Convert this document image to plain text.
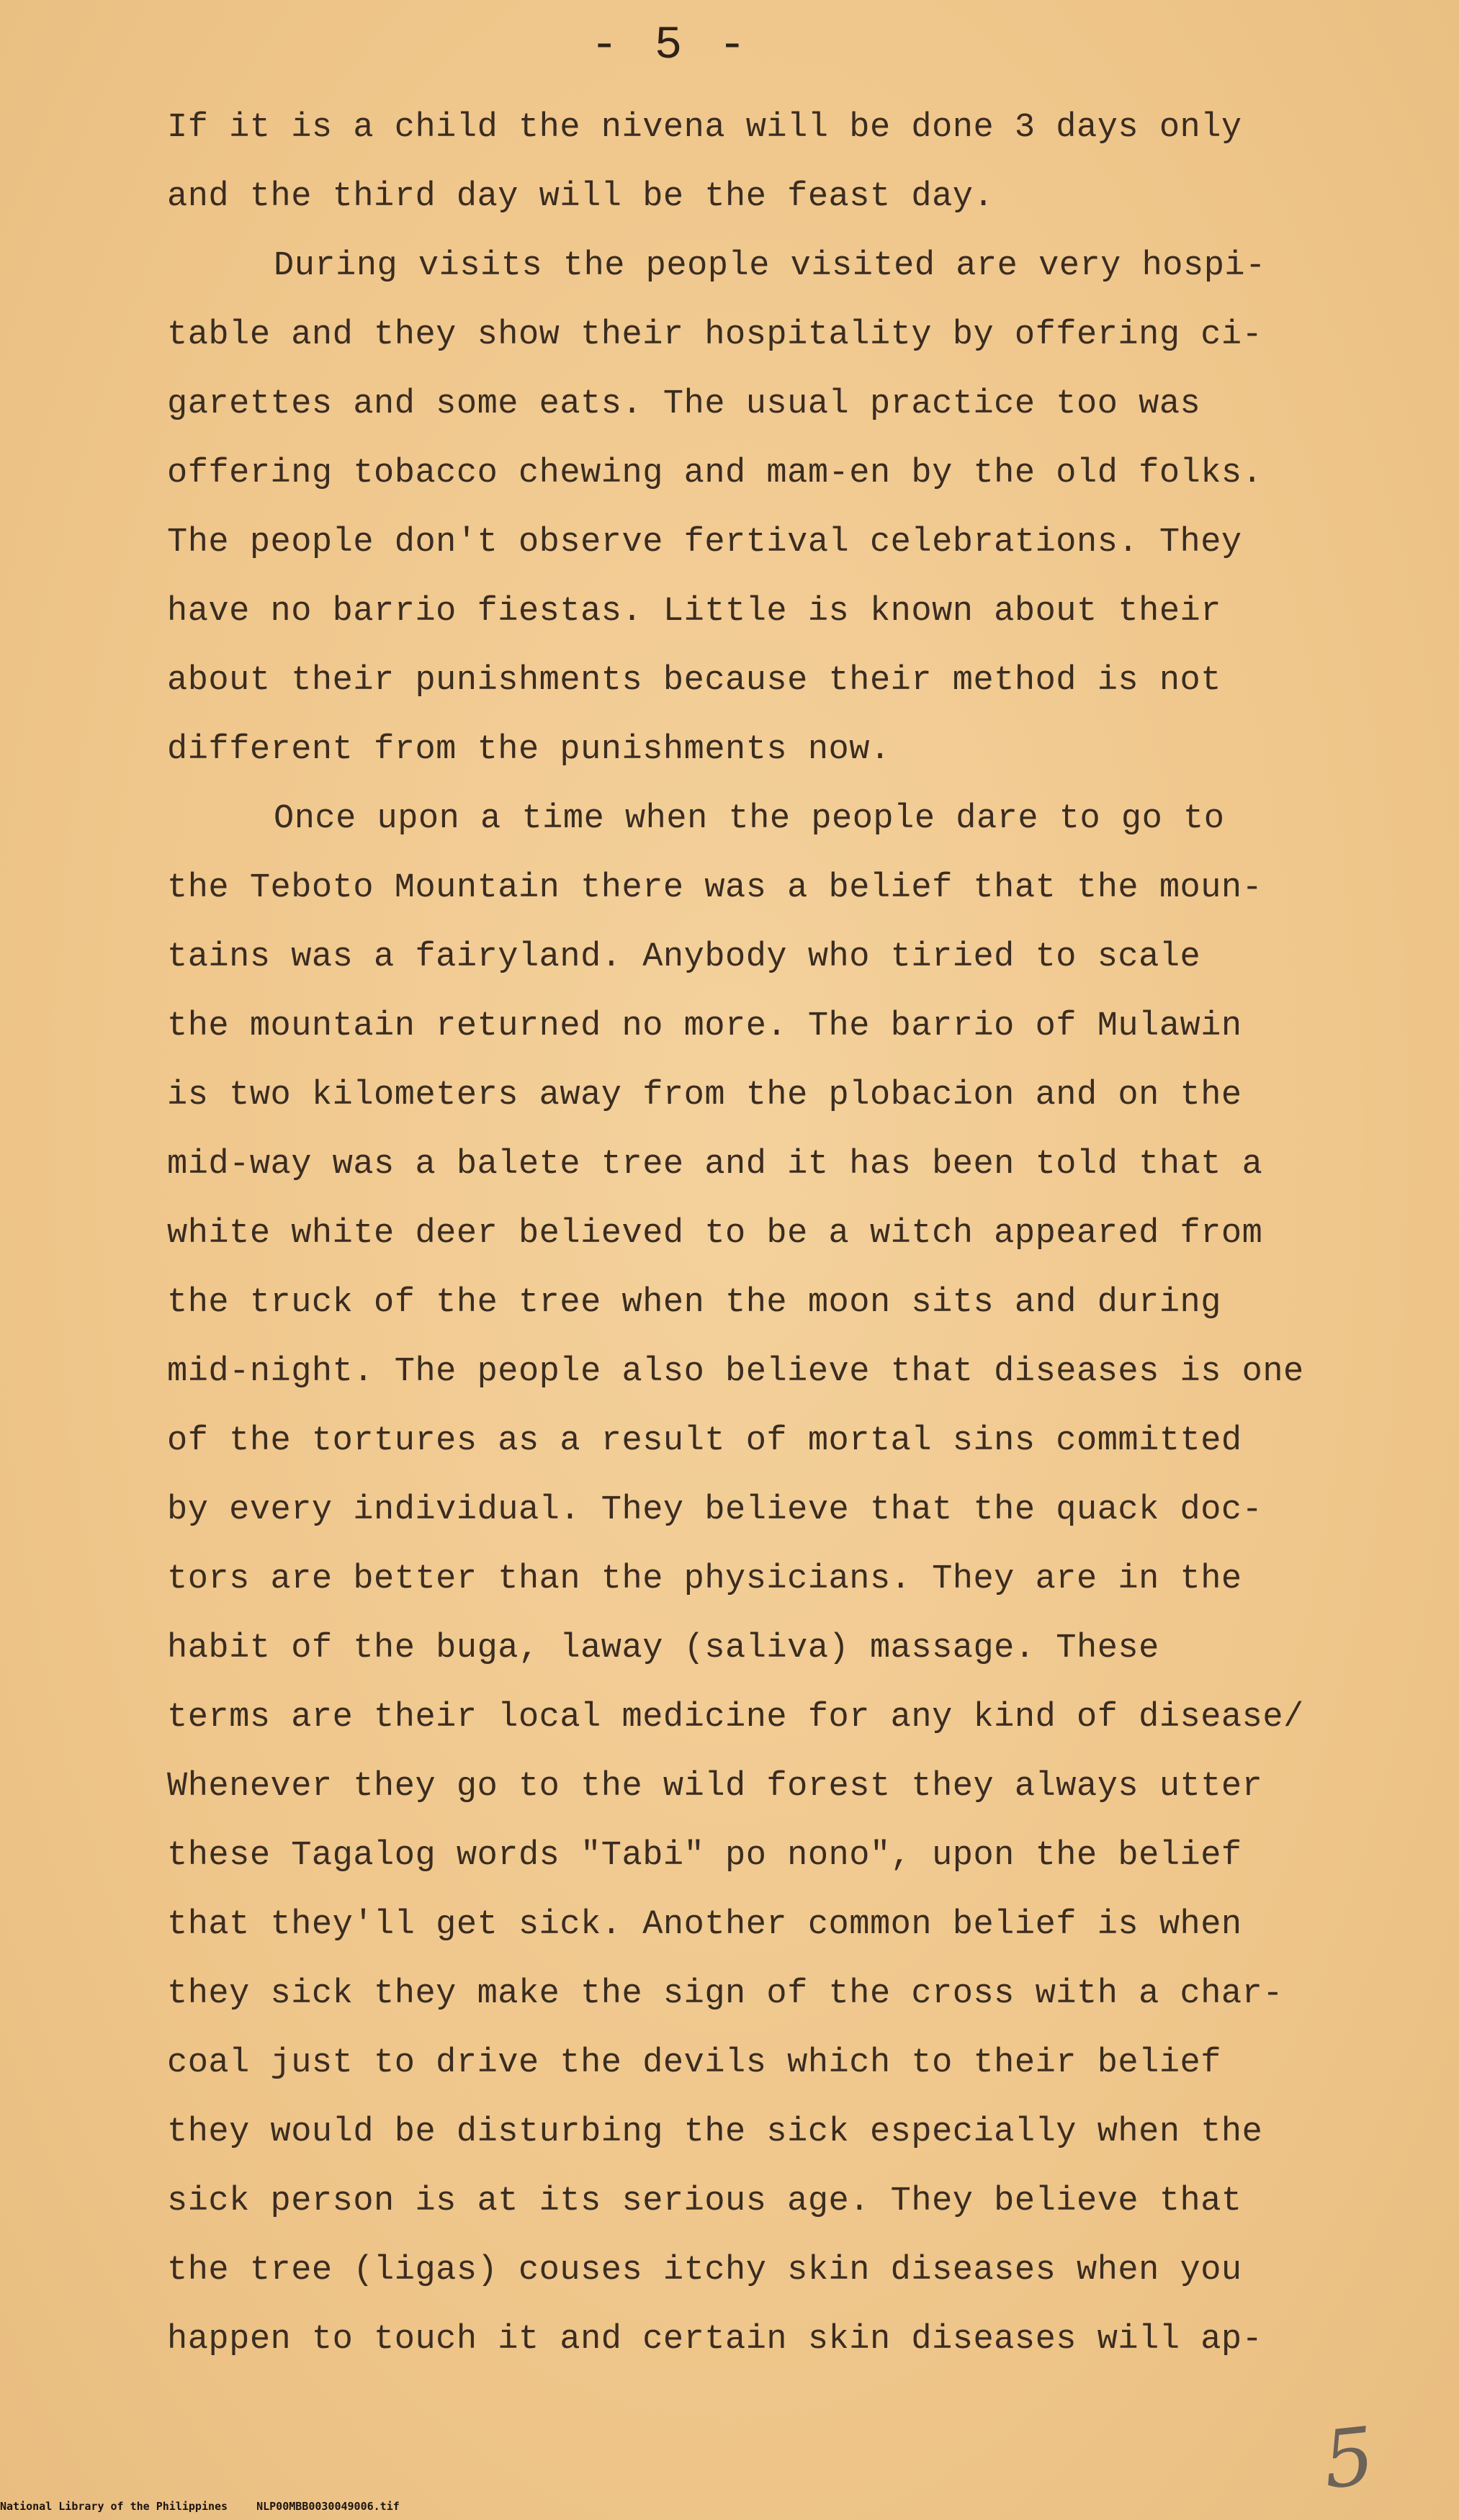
- 5 -
If it is a child the nivena will be done 3 days only
and the third day will be the feast day.
During visits the people visited are very hospi-
table and they show their hospitality by offering ci-
garettes and some eats. The usual practice too was
offering tobacco chewing and mam-en by the old folks.
The people don't observe fertival celebrations. They
have no barrio fiestas. Little is known about their
about their punishments because their method is not
different from the punishments now.
Once upon a time when the people dare to go to
the Teboto Mountain there was a belief that the moun-
tains was a fairyland. Anybody who tiried to scale
the mountain returned no more. The barrio of Mulawin
is two kilometers away from the plobacion and on the
mid-way was a balete tree and it has been told that a
white white deer believed to be a witch appeared from
the truck of the tree when the moon sits and during
mid-night. The people also believe that diseases is one
of the tortures as a result of mortal sins committed
by every individual. They believe that the quack doc-
tors are better than the physicians. They are in the
habit of the buga, laway (saliva) massage. These
terms are their local medicine for any kind of disease/
Whenever they go to the wild forest they always utter
these Tagalog words "Tabi" po nono", upon the belief
that they'll get sick. Another common belief is when
they sick they make the sign of the cross with a char-
coal just to drive the devils which to their belief
they would be disturbing the sick especially when the
sick person is at its serious age. They believe that
the tree (ligas) couses itchy skin diseases when you
happen to touch it and certain skin diseases will ap-
5
National Library of the Philippines	NLP00MBB0030049006.tif
